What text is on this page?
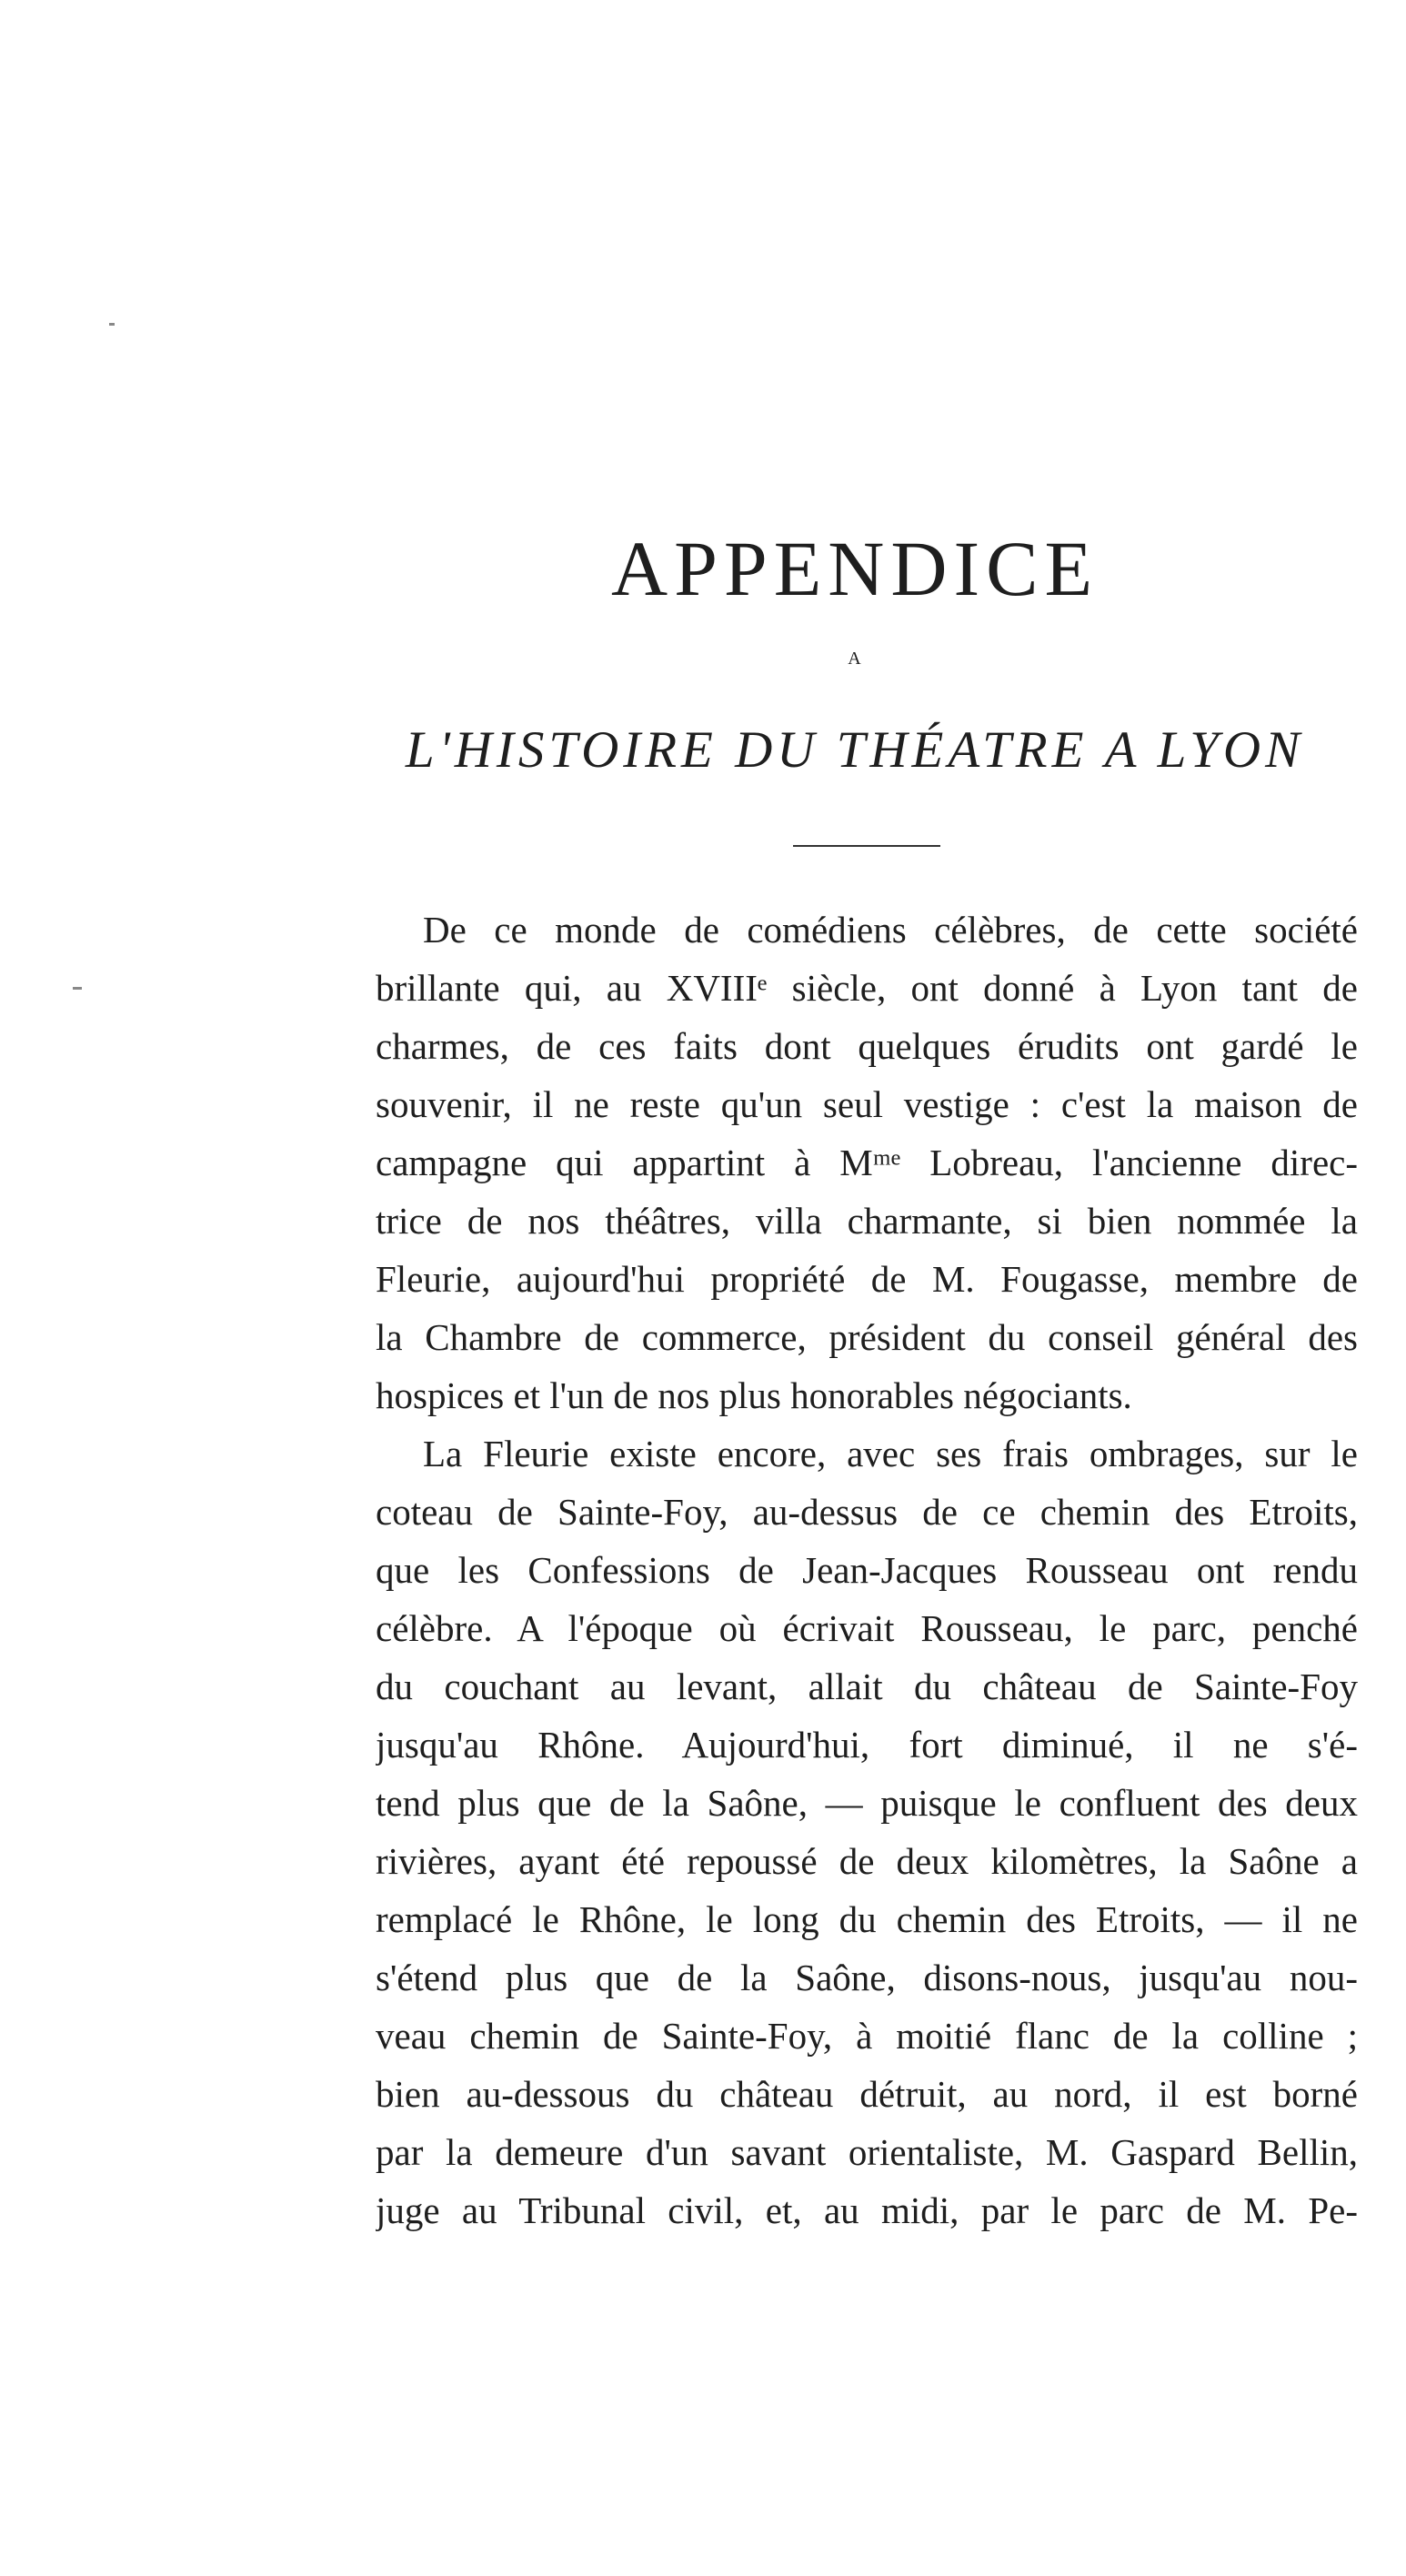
APPENDICE
A
L'HISTOIRE DU THÉATRE A LYON
De ce monde de comédiens célèbres, de cette société
brillante qui, au XVIIIᵉ siècle, ont donné à Lyon tant de
charmes, de ces faits dont quelques érudits ont gardé le
souvenir, il ne reste qu'un seul vestige : c'est la maison de
campagne qui appartint à Mᵐᵉ Lobreau, l'ancienne direc-
trice de nos théâtres, villa charmante, si bien nommée la
Fleurie, aujourd'hui propriété de M. Fougasse, membre de
la Chambre de commerce, président du conseil général des
hospices et l'un de nos plus honorables négociants.
La Fleurie existe encore, avec ses frais ombrages, sur le
coteau de Sainte-Foy, au-dessus de ce chemin des Etroits,
que les Confessions de Jean-Jacques Rousseau ont rendu
célèbre. A l'époque où écrivait Rousseau, le parc, penché
du couchant au levant, allait du château de Sainte-Foy
jusqu'au Rhône. Aujourd'hui, fort diminué, il ne s'é-
tend plus que de la Saône, — puisque le confluent des deux
rivières, ayant été repoussé de deux kilomètres, la Saône a
remplacé le Rhône, le long du chemin des Etroits, — il ne
s'étend plus que de la Saône, disons-nous, jusqu'au nou-
veau chemin de Sainte-Foy, à moitié flanc de la colline ;
bien au-dessous du château détruit, au nord, il est borné
par la demeure d'un savant orientaliste, M. Gaspard Bellin,
juge au Tribunal civil, et, au midi, par le parc de M. Pe-
